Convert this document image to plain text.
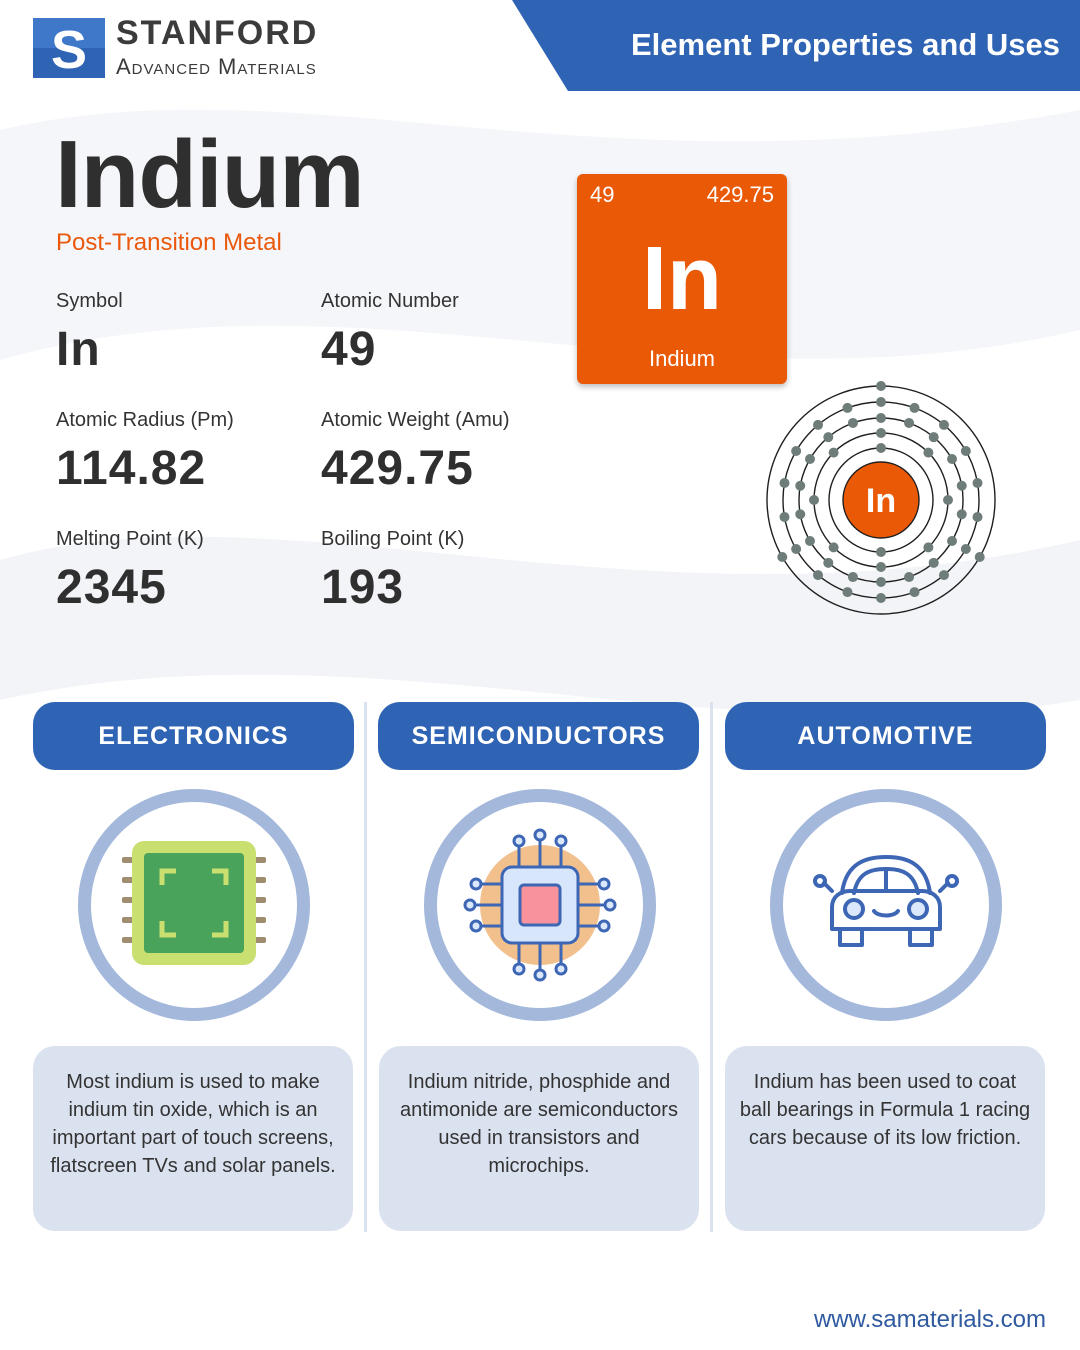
S STANFORD
Advanced Materials
Element Properties and Uses
Indium
Post-Transition Metal
Symbol
In
Atomic Number
49
Atomic Radius (Pm)
114.82
Atomic Weight (Amu)
429.75
Melting Point (K)
2345
Boiling Point (K)
193
49	429.75
In
Indium
In
ELECTRONICS	SEMICONDUCTORS	AUTOMOTIVE
Most indium is used to make indium tin oxide, which is an important part of touch screens, flatscreen TVs and solar panels.
Indium nitride, phosphide and antimonide are semiconductors used in transistors and microchips.
Indium has been used to coat ball bearings in Formula 1 racing cars because of its low friction.
www.samaterials.com
